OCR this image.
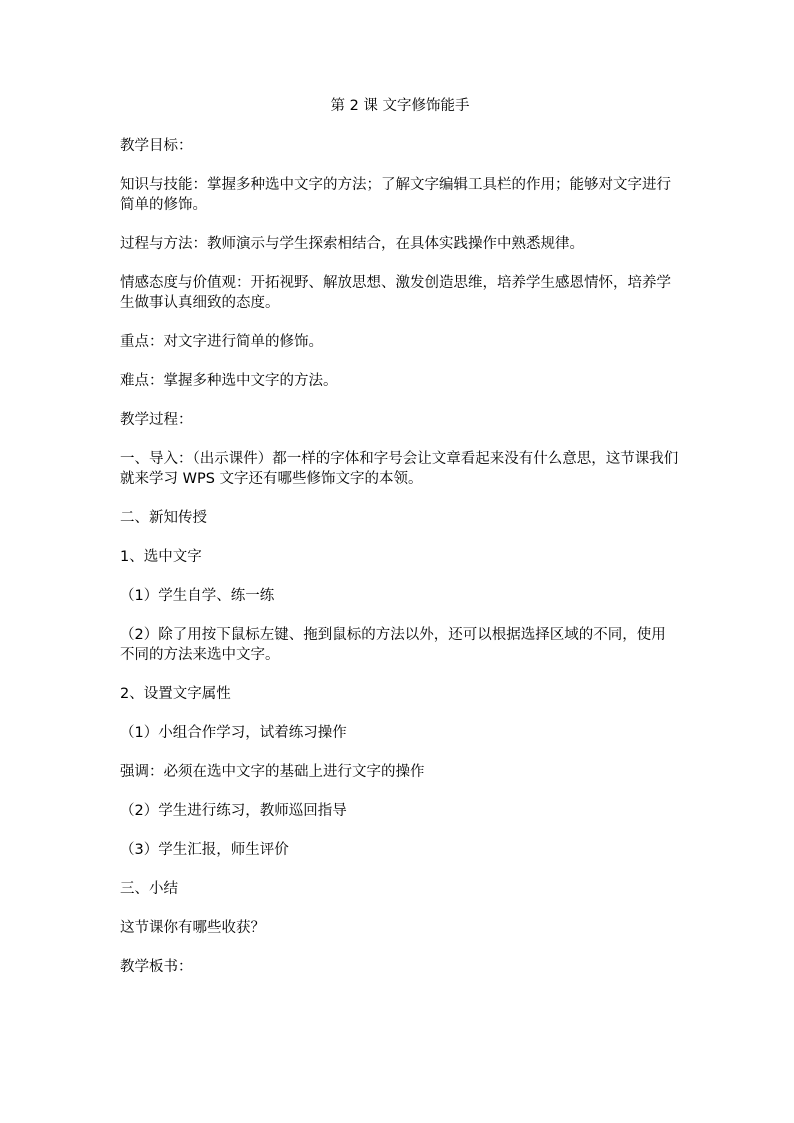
第 2 课 文字修饰能手

教学目标：

知识与技能：掌握多种选中文字的方法；了解文字编辑工具栏的作用；能够对文字进行简单的修饰。

过程与方法：教师演示与学生探索相结合，在具体实践操作中熟悉规律。

情感态度与价值观：开拓视野、解放思想、激发创造思维，培养学生感恩情怀，培养学生做事认真细致的态度。

重点：对文字进行简单的修饰。

难点：掌握多种选中文字的方法。

教学过程：

一、导入：（出示课件）都一样的字体和字号会让文章看起来没有什么意思，这节课我们就来学习 WPS 文字还有哪些修饰文字的本领。

二、新知传授

1、选中文字

（1）学生自学、练一练

（2）除了用按下鼠标左键、拖到鼠标的方法以外，还可以根据选择区域的不同，使用不同的方法来选中文字。

2、设置文字属性

（1）小组合作学习，试着练习操作

强调：必须在选中文字的基础上进行文字的操作

（2）学生进行练习，教师巡回指导

（3）学生汇报，师生评价

三、小结

这节课你有哪些收获？

教学板书：
